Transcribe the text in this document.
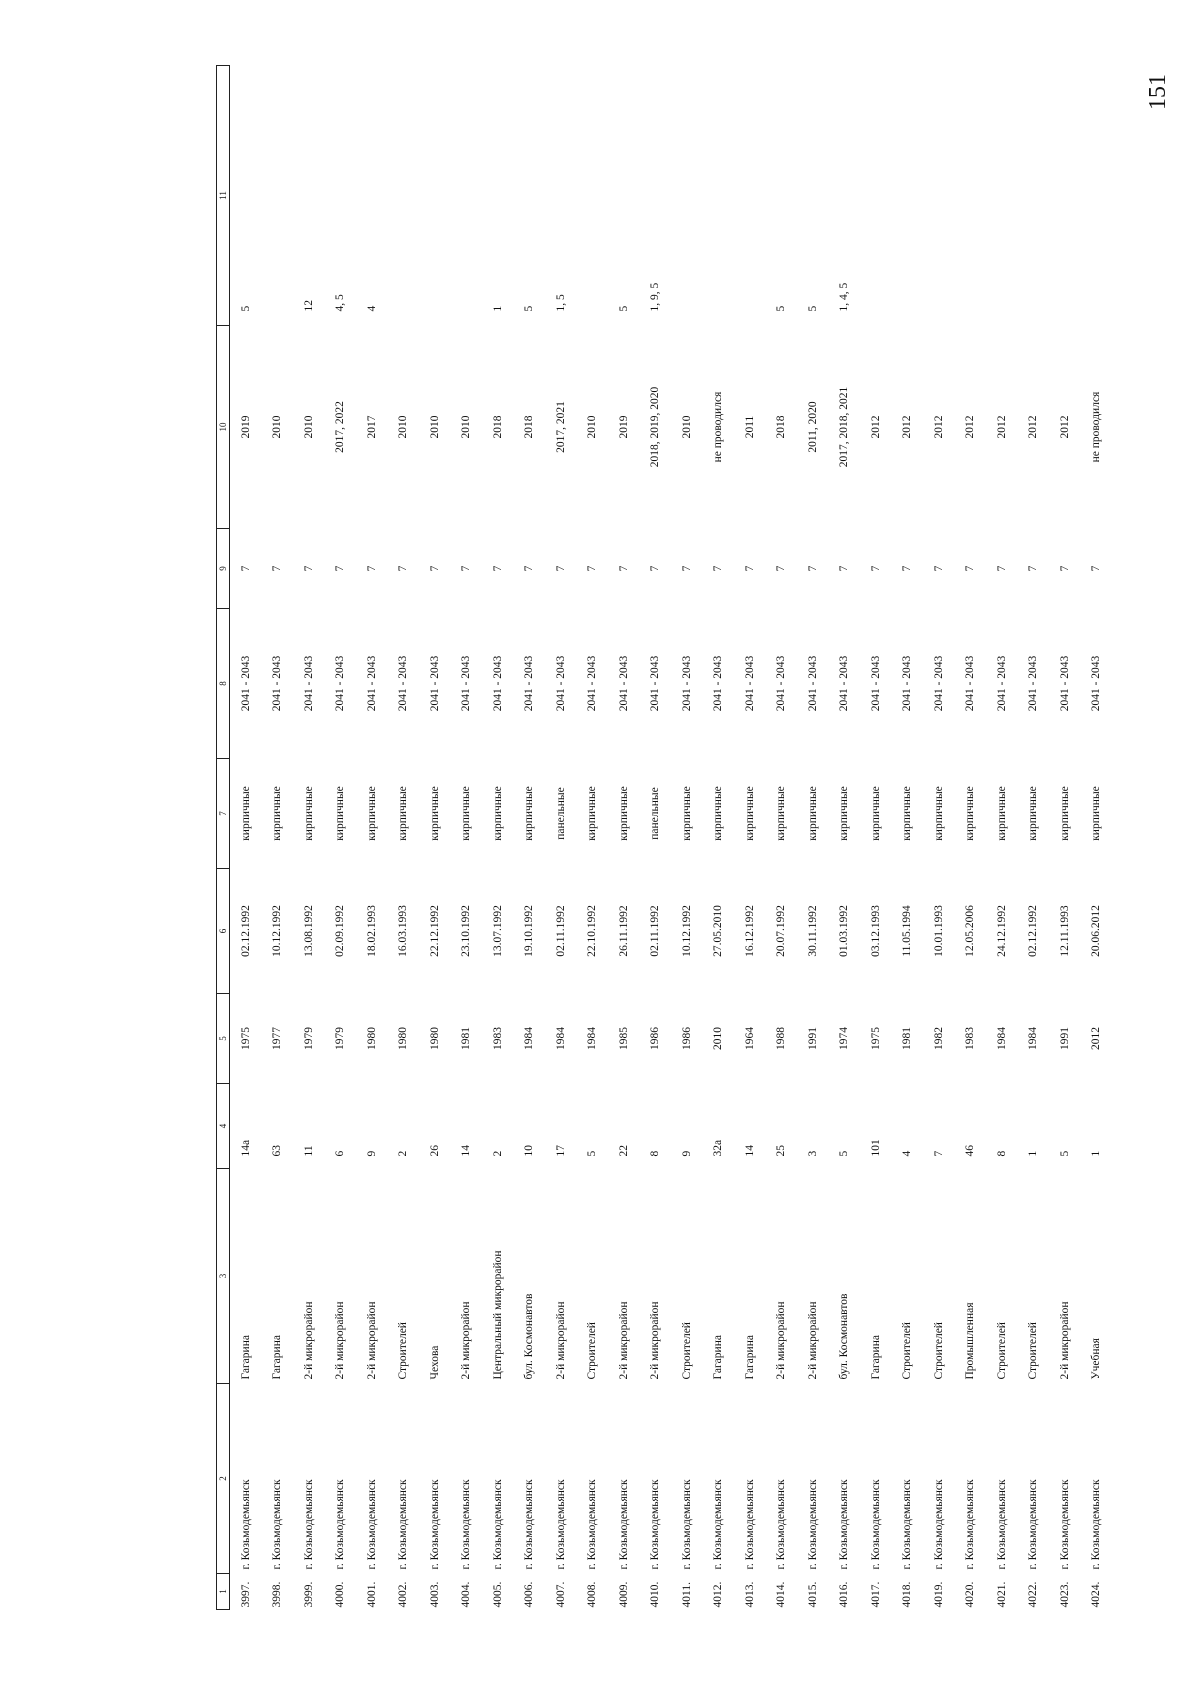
151
1	2	3	4	5	6	7	8	9	10	11
3997.	г. Козьмодемьянск	Гагарина	14а	1975	02.12.1992	кирпичные	2041 - 2043	7	2019	5
3998.	г. Козьмодемьянск	Гагарина	63	1977	10.12.1992	кирпичные	2041 - 2043	7	2010	
3999.	г. Козьмодемьянск	2-й микрорайон	11	1979	13.08.1992	кирпичные	2041 - 2043	7	2010	12
4000.	г. Козьмодемьянск	2-й микрорайон	6	1979	02.09.1992	кирпичные	2041 - 2043	7	2017, 2022	4, 5
4001.	г. Козьмодемьянск	2-й микрорайон	9	1980	18.02.1993	кирпичные	2041 - 2043	7	2017	4
4002.	г. Козьмодемьянск	Строителей	2	1980	16.03.1993	кирпичные	2041 - 2043	7	2010	
4003.	г. Козьмодемьянск	Чехова	26	1980	22.12.1992	кирпичные	2041 - 2043	7	2010	
4004.	г. Козьмодемьянск	2-й микрорайон	14	1981	23.10.1992	кирпичные	2041 - 2043	7	2010	
4005.	г. Козьмодемьянск	Центральный микрорайон	2	1983	13.07.1992	кирпичные	2041 - 2043	7	2018	1
4006.	г. Козьмодемьянск	бул. Космонавтов	10	1984	19.10.1992	кирпичные	2041 - 2043	7	2018	5
4007.	г. Козьмодемьянск	2-й микрорайон	17	1984	02.11.1992	панельные	2041 - 2043	7	2017, 2021	1, 5
4008.	г. Козьмодемьянск	Строителей	5	1984	22.10.1992	кирпичные	2041 - 2043	7	2010	
4009.	г. Козьмодемьянск	2-й микрорайон	22	1985	26.11.1992	кирпичные	2041 - 2043	7	2019	5
4010.	г. Козьмодемьянск	2-й микрорайон	8	1986	02.11.1992	панельные	2041 - 2043	7	2018, 2019, 2020	1, 9, 5
4011.	г. Козьмодемьянск	Строителей	9	1986	10.12.1992	кирпичные	2041 - 2043	7	2010	
4012.	г. Козьмодемьянск	Гагарина	32а	2010	27.05.2010	кирпичные	2041 - 2043	7	не проводился	
4013.	г. Козьмодемьянск	Гагарина	14	1964	16.12.1992	кирпичные	2041 - 2043	7	2011	
4014.	г. Козьмодемьянск	2-й микрорайон	25	1988	20.07.1992	кирпичные	2041 - 2043	7	2018	5
4015.	г. Козьмодемьянск	2-й микрорайон	3	1991	30.11.1992	кирпичные	2041 - 2043	7	2011, 2020	5
4016.	г. Козьмодемьянск	бул. Космонавтов	5	1974	01.03.1992	кирпичные	2041 - 2043	7	2017, 2018, 2021	1, 4, 5
4017.	г. Козьмодемьянск	Гагарина	101	1975	03.12.1993	кирпичные	2041 - 2043	7	2012	
4018.	г. Козьмодемьянск	Строителей	4	1981	11.05.1994	кирпичные	2041 - 2043	7	2012	
4019.	г. Козьмодемьянск	Строителей	7	1982	10.01.1993	кирпичные	2041 - 2043	7	2012	
4020.	г. Козьмодемьянск	Промышленная	46	1983	12.05.2006	кирпичные	2041 - 2043	7	2012	
4021.	г. Козьмодемьянск	Строителей	8	1984	24.12.1992	кирпичные	2041 - 2043	7	2012	
4022.	г. Козьмодемьянск	Строителей	1	1984	02.12.1992	кирпичные	2041 - 2043	7	2012	
4023.	г. Козьмодемьянск	2-й микрорайон	5	1991	12.11.1993	кирпичные	2041 - 2043	7	2012	
4024.	г. Козьмодемьянск	Учебная	1	2012	20.06.2012	кирпичные	2041 - 2043	7	не проводился	
